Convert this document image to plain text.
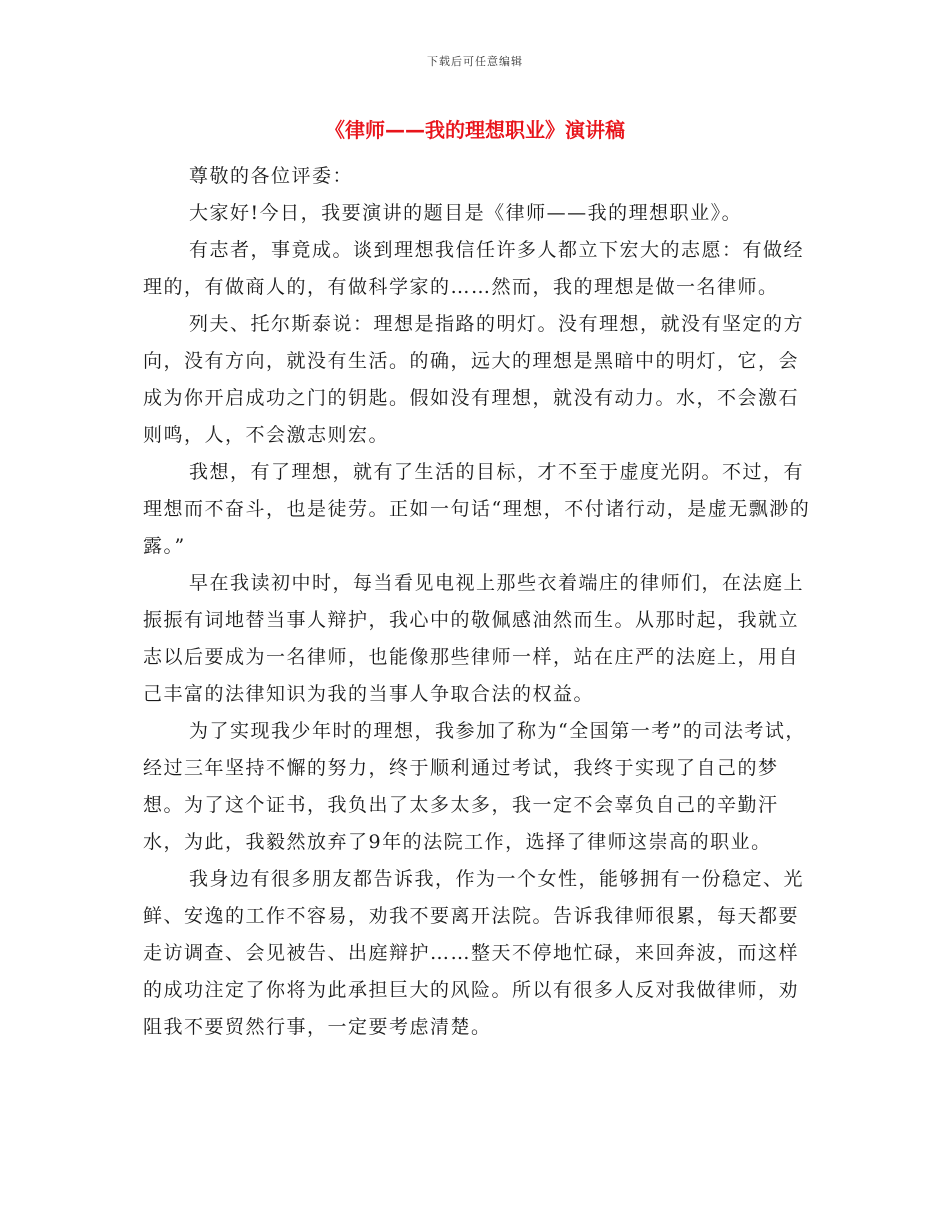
下载后可任意编辑
《律师——我的理想职业》演讲稿

尊敬的各位评委：

大家好!今日，我要演讲的题目是《律师——我的理想职业》。

有志者，事竟成。谈到理想我信任许多人都立下宏大的志愿：有做经理的，有做商人的，有做科学家的……然而，我的理想是做一名律师。

列夫、托尔斯泰说：理想是指路的明灯。没有理想，就没有坚定的方向，没有方向，就没有生活。的确，远大的理想是黑暗中的明灯，它，会成为你开启成功之门的钥匙。假如没有理想，就没有动力。水，不会激石则鸣，人，不会激志则宏。

我想，有了理想，就有了生活的目标，才不至于虚度光阴。不过，有理想而不奋斗，也是徒劳。正如一句话“理想，不付诸行动，是虚无飘渺的露。”

早在我读初中时，每当看见电视上那些衣着端庄的律师们，在法庭上振振有词地替当事人辩护，我心中的敬佩感油然而生。从那时起，我就立志以后要成为一名律师，也能像那些律师一样，站在庄严的法庭上，用自己丰富的法律知识为我的当事人争取合法的权益。

为了实现我少年时的理想，我参加了称为“全国第一考”的司法考试，经过三年坚持不懈的努力，终于顺利通过考试，我终于实现了自己的梦想。为了这个证书，我负出了太多太多，我一定不会辜负自己的辛勤汗水，为此，我毅然放弃了9年的法院工作，选择了律师这崇高的职业。

我身边有很多朋友都告诉我，作为一个女性，能够拥有一份稳定、光鲜、安逸的工作不容易，劝我不要离开法院。告诉我律师很累，每天都要走访调查、会见被告、出庭辩护……整天不停地忙碌，来回奔波，而这样的成功注定了你将为此承担巨大的风险。所以有很多人反对我做律师，劝阻我不要贸然行事，一定要考虑清楚。
